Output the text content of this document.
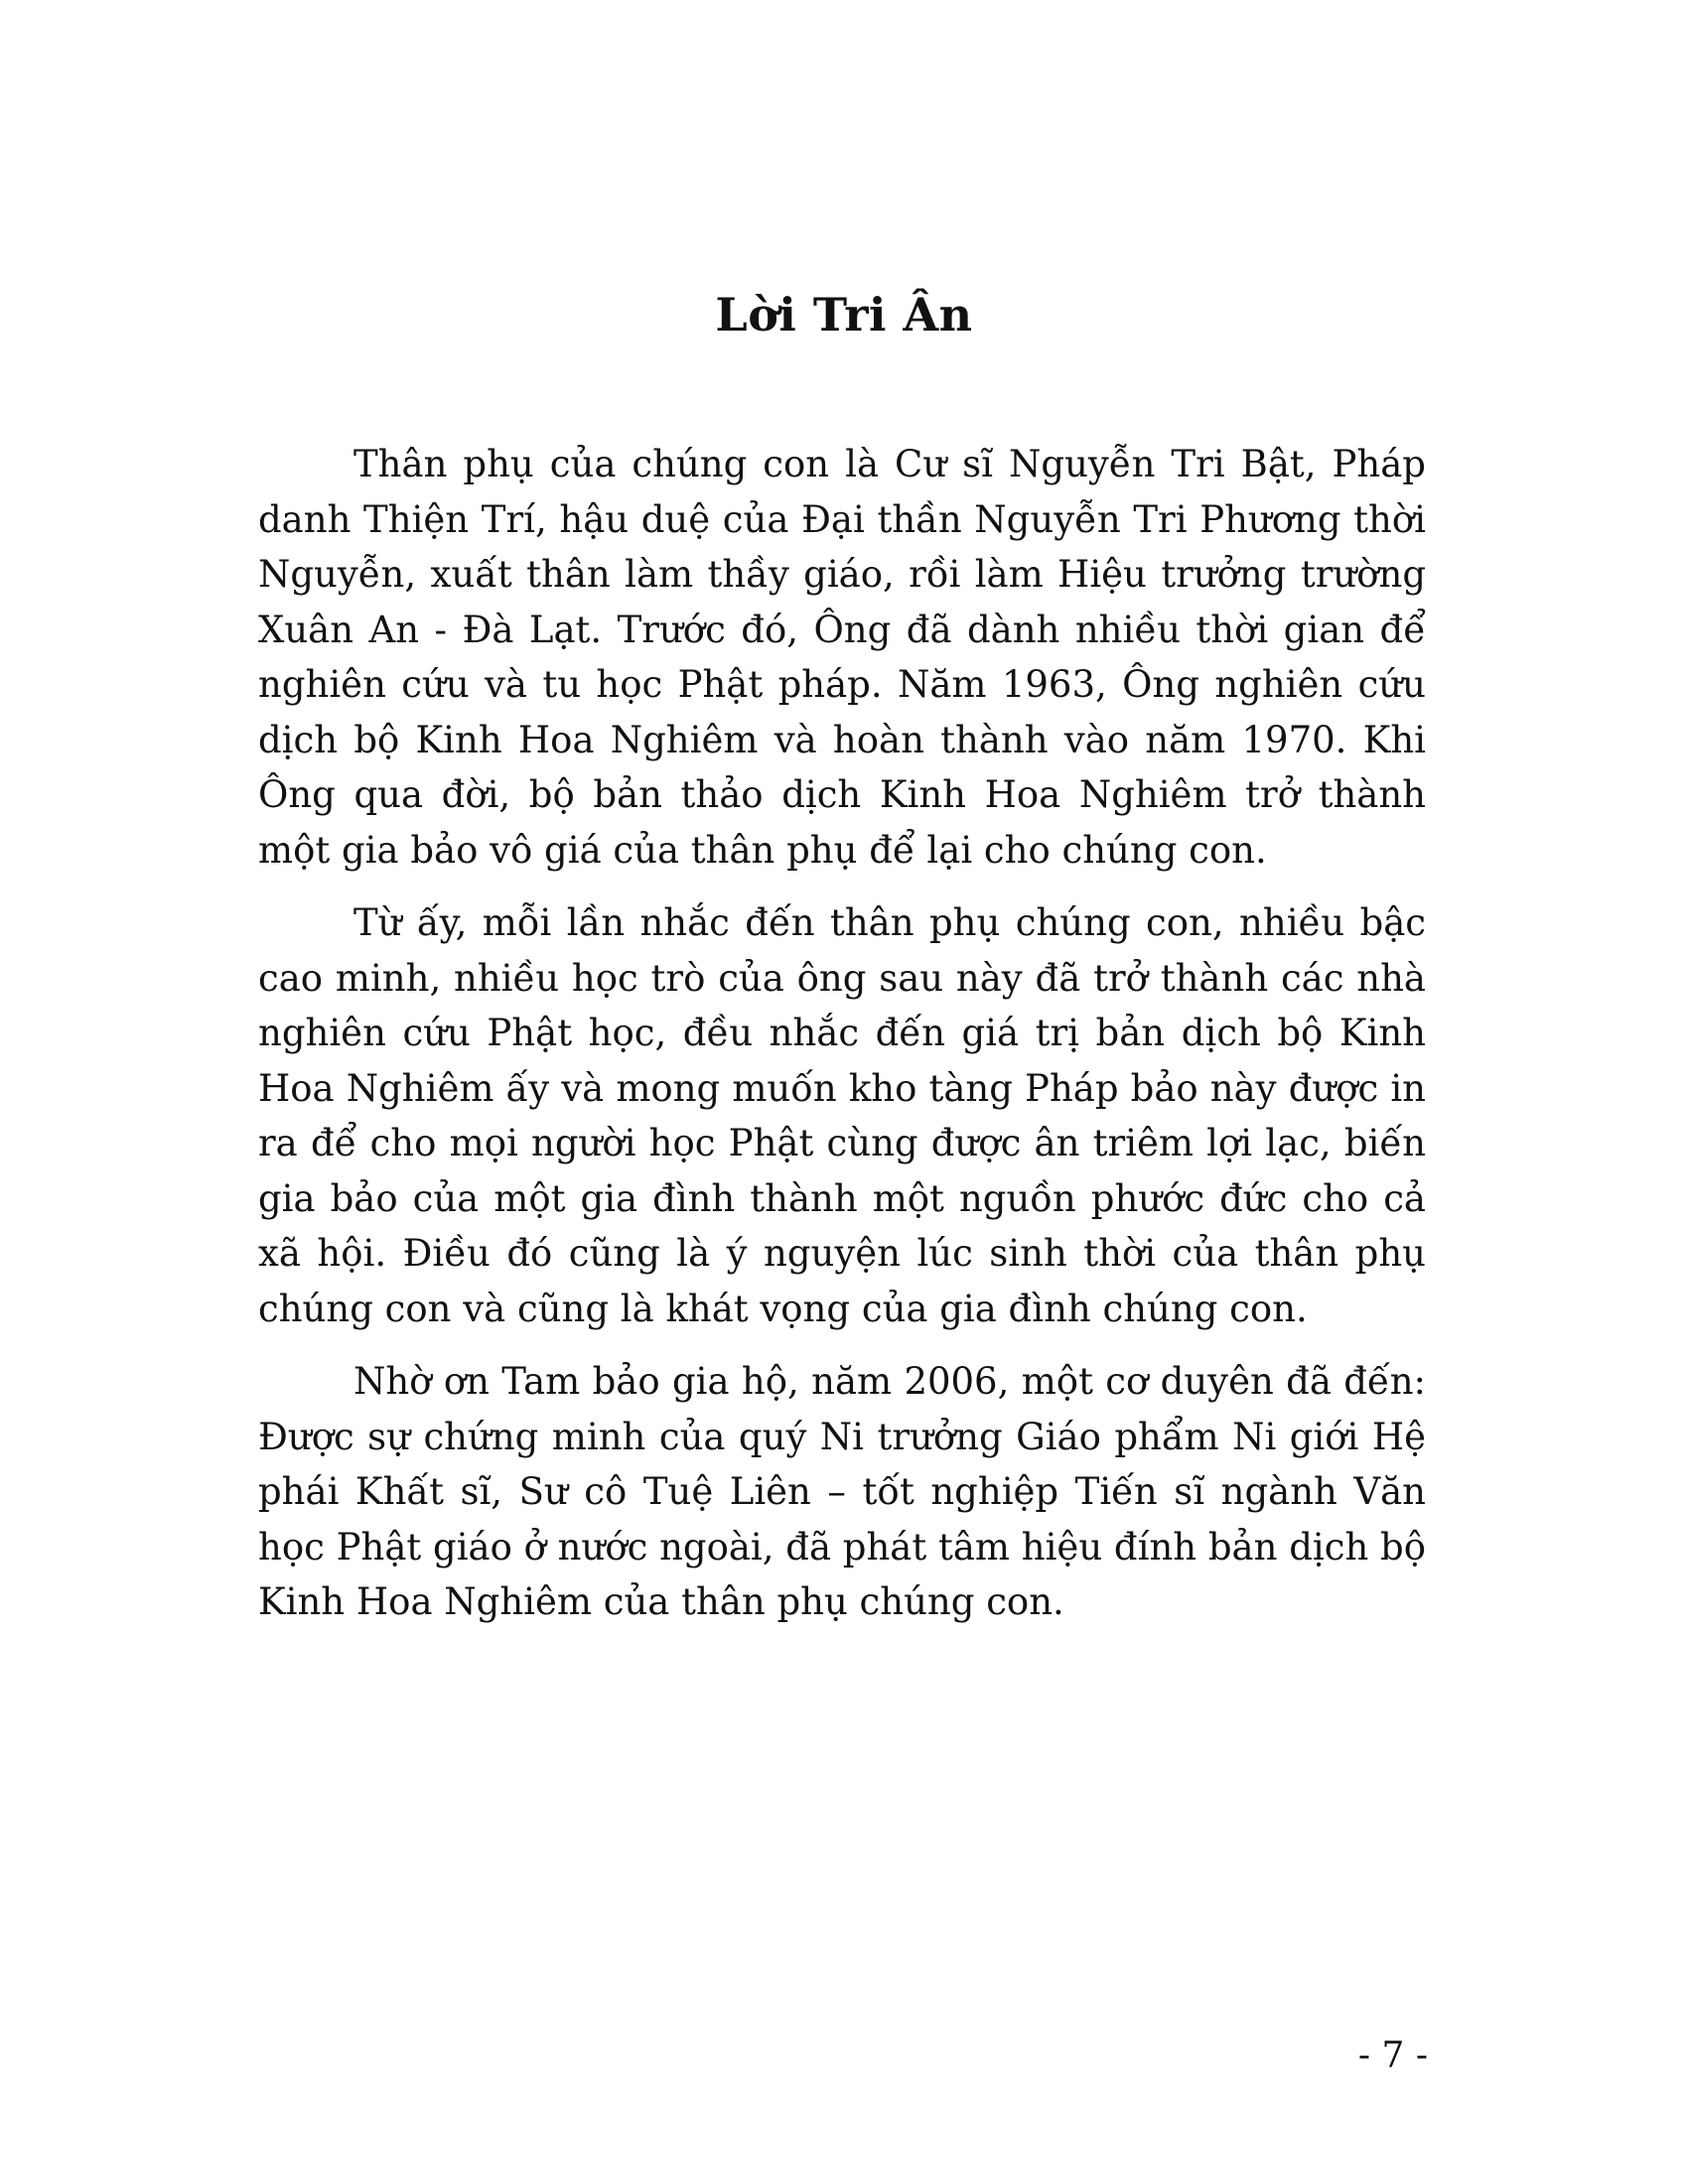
Lời Tri Ân

Thân phụ của chúng con là Cư sĩ Nguyễn Tri Bật, Pháp danh Thiện Trí, hậu duệ của Đại thần Nguyễn Tri Phương thời Nguyễn, xuất thân làm thầy giáo, rồi làm Hiệu trưởng trường Xuân An - Đà Lạt. Trước đó, Ông đã dành nhiều thời gian để nghiên cứu và tu học Phật pháp. Năm 1963, Ông nghiên cứu dịch bộ Kinh Hoa Nghiêm và hoàn thành vào năm 1970. Khi Ông qua đời, bộ bản thảo dịch Kinh Hoa Nghiêm trở thành một gia bảo vô giá của thân phụ để lại cho chúng con.

Từ ấy, mỗi lần nhắc đến thân phụ chúng con, nhiều bậc cao minh, nhiều học trò của ông sau này đã trở thành các nhà nghiên cứu Phật học, đều nhắc đến giá trị bản dịch bộ Kinh Hoa Nghiêm ấy và mong muốn kho tàng Pháp bảo này được in ra để cho mọi người học Phật cùng được ân triêm lợi lạc, biến gia bảo của một gia đình thành một nguồn phước đức cho cả xã hội. Điều đó cũng là ý nguyện lúc sinh thời của thân phụ chúng con và cũng là khát vọng của gia đình chúng con.

Nhờ ơn Tam bảo gia hộ, năm 2006, một cơ duyên đã đến: Được sự chứng minh của quý Ni trưởng Giáo phẩm Ni giới Hệ phái Khất sĩ, Sư cô Tuệ Liên – tốt nghiệp Tiến sĩ ngành Văn học Phật giáo ở nước ngoài, đã phát tâm hiệu đính bản dịch bộ Kinh Hoa Nghiêm của thân phụ chúng con.

- 7 -
